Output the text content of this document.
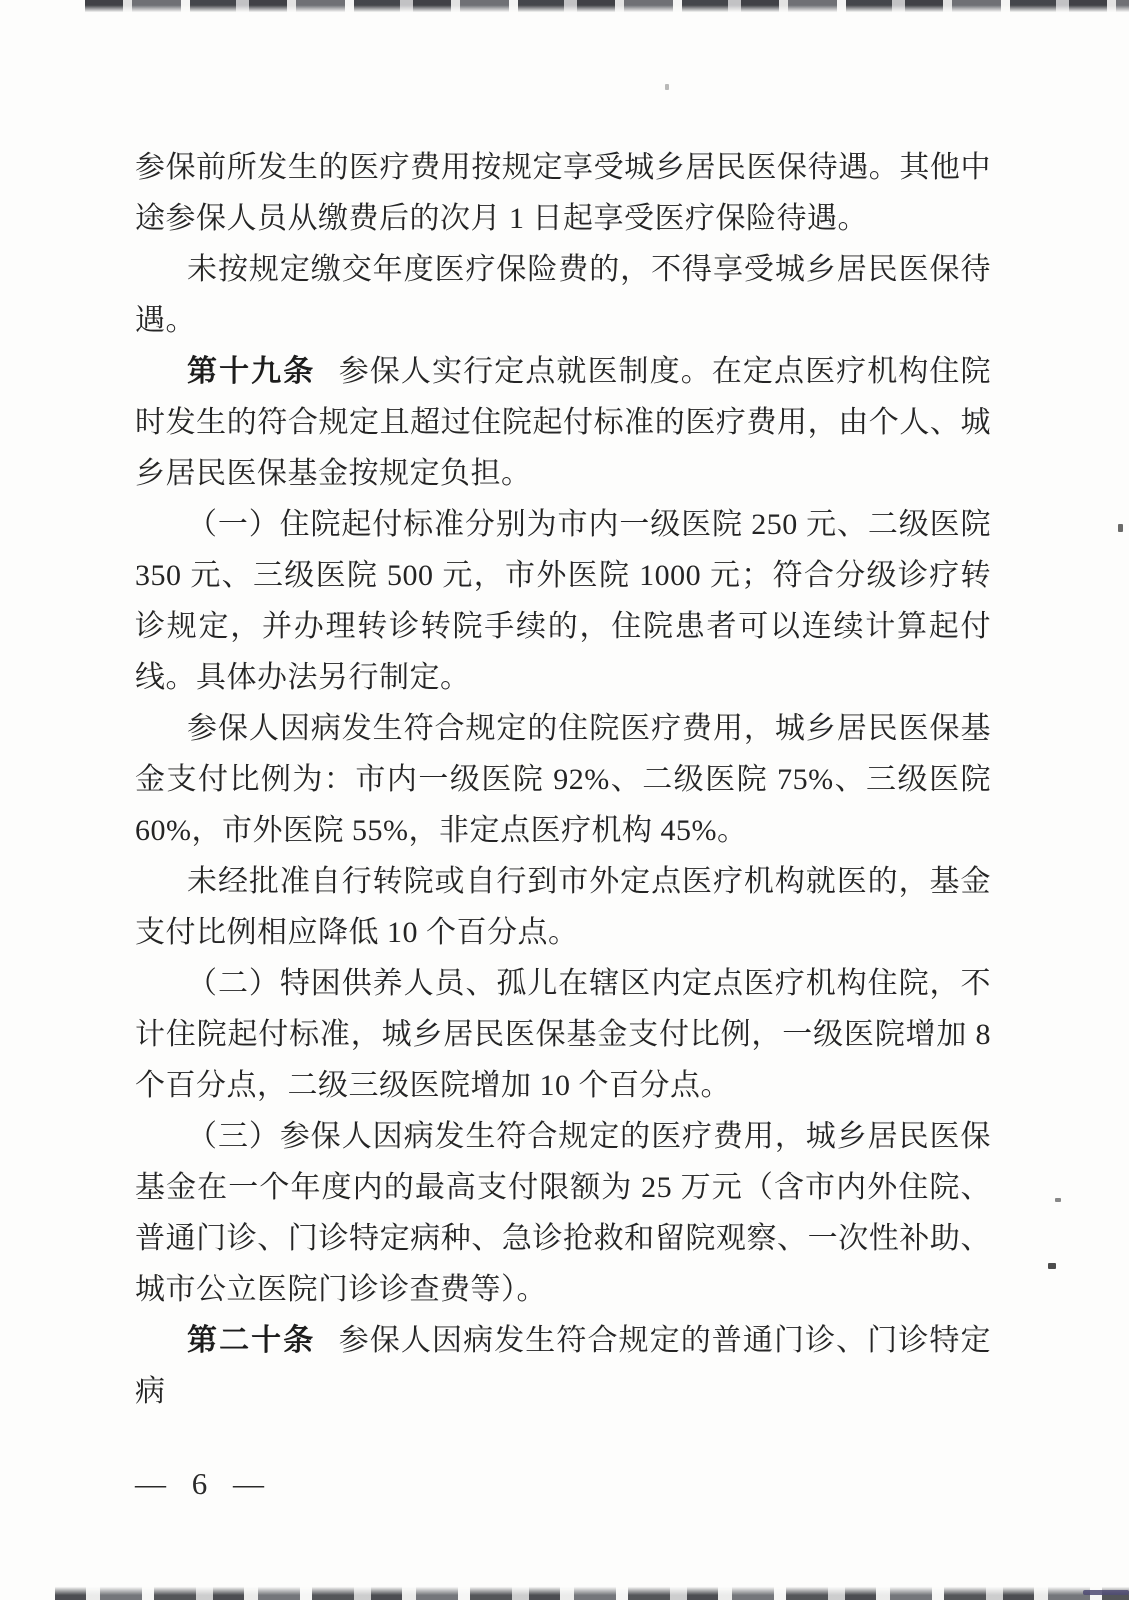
参保前所发生的医疗费用按规定享受城乡居民医保待遇。其他中途参保人员从缴费后的次月 1 日起享受医疗保险待遇。

未按规定缴交年度医疗保险费的，不得享受城乡居民医保待遇。

第十九条 参保人实行定点就医制度。在定点医疗机构住院时发生的符合规定且超过住院起付标准的医疗费用，由个人、城乡居民医保基金按规定负担。

（一）住院起付标准分别为市内一级医院 250 元、二级医院 350 元、三级医院 500 元，市外医院 1000 元；符合分级诊疗转诊规定，并办理转诊转院手续的，住院患者可以连续计算起付线。具体办法另行制定。

参保人因病发生符合规定的住院医疗费用，城乡居民医保基金支付比例为：市内一级医院 92%、二级医院 75%、三级医院 60%，市外医院 55%，非定点医疗机构 45%。

未经批准自行转院或自行到市外定点医疗机构就医的，基金支付比例相应降低 10 个百分点。

（二）特困供养人员、孤儿在辖区内定点医疗机构住院，不计住院起付标准，城乡居民医保基金支付比例，一级医院增加 8 个百分点，二级三级医院增加 10 个百分点。

（三）参保人因病发生符合规定的医疗费用，城乡居民医保基金在一个年度内的最高支付限额为 25 万元（含市内外住院、普通门诊、门诊特定病种、急诊抢救和留院观察、一次性补助、城市公立医院门诊诊查费等）。

第二十条 参保人因病发生符合规定的普通门诊、门诊特定病

— 6 —
